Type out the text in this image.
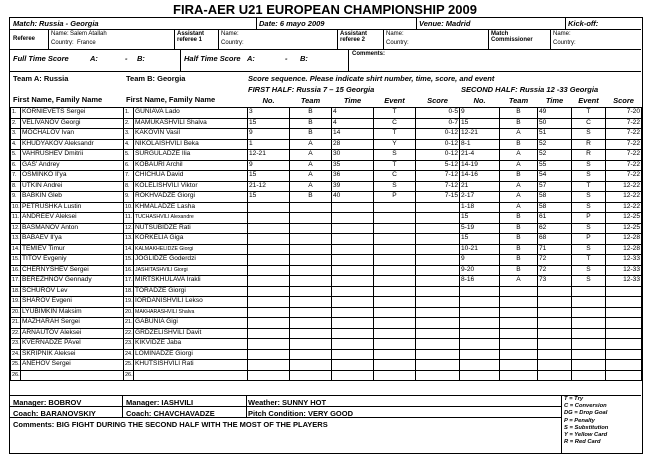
FIRA-AER U21 EUROPEAN CHAMPIONSHIP 2009
Match: Russia - Georgia	Date: 6 mayo 2009	Venue: Madrid	Kick-off:
Referee
Name: Salem Atallah
Country: France
Assistant referee 1
Name:
Country:
Assistant referee 2
Name:
Country:
Match Commissioner
Name:
Country:
Full Time Score	A:	- B:	Half Time Score A:	- B:	Comments:
Team A: Russia	Team B: Georgia	Score sequence. Please indicate shirt number, time, score, and event
First Name, Family Name	First Name, Family Name
FIRST HALF: Russia 7 – 15 Georgia	SECOND HALF: Russia 12 -33 Georgia
1.	KORNIEVETS Sergei
2.	VELIVANOV Georgi
3.	MOCHALOV Ivan
4.	KHUDYAKOV Aleksandr
5.	VAHRUSHEV Dmitrii
6.	GAS' Andrey
7.	OSMINKO Il'ya
8.	UTKIN Andrei
9.	BABKIN Gleb
10.	PETRUSHKA Lustin
11.	ANDREEV Aleksei
12.	BASMANOV Anton
13.	BABAEV Il'ya
14.	TEMIEV Timur
15.	TITOV Evgeniy
16.	CHERNYSHEV Sergei
17.	BEREZHNOV Gennady
18.	SCHUROV Lev
19.	SHAROV Evgeni
20.	LYUBIMKIN Maksim
21.	MAZHARAH Sergei
22.	ARNAUTOV Aleksei
23.	KVERNADZE PAvel
24.	SKRIPNIK Aleksei
25.	ANEHOV Sergei
26.	
1.	GUNIAVA Lado
2.	MAMUKASHVILI Shalva
3.	KAKOVIN Vasil
4.	NIKOLAISHVILI Beka
5.	SURGULADZE Ilia
6.	KOBAURI Archil
7.	CHICHUA David
8.	KOLELISHVILI Viktor
9.	ROKHVADZE Giorgi
10.	KHMALADZE Lasha
11.	TUCHASHVILI Alexandre
12.	NUTSUBIDZE Rati
13.	KORKELIA Giga
14.	KALMAKHELIDZE Giorgi
15.	JOGLIDZE Goderdzi
16.	JASHITASHVILI Giorgi
17.	MIRTSKHULAVA Irakli
18.	TORADZE Giorgi
19.	IORDANISHVILI Lekso
20.	MAKHARASHVILI Shalva
21.	GABUNIA Gigi
22.	GRDZELISHVILI Davit
23.	KIKVIDZE Jaba
24.	LOMINADZE Giorgi
25.	KHUTSISHVILI Rati
26.	
No.	Team	Time	Event	Score
3	B	4	T	0-5
15	B	4	C	0-7
9	B	14	T	0-12
1	A	28	Y	0-12
12-21	A	30	S	0-12
9	A	35	T	5-12
15	A	36	C	7-12
21-12	A	39	S	7-12
15	B	40	P	7-15

No.	Team	Time	Event	Score
9	B	49	T	7-20
15	B	50	C	7-22
12-21	A	51	S	7-22
8-1	B	52	R	7-22
21-4	A	52	R	7-22
14-19	A	55	S	7-22
14-16	B	54	S	7-22
21	A	57	T	12-22
2-17	A	58	S	12-22
1-18	A	58	S	12-22
15	B	61	P	12-25
5-19	B	62	S	12-25
15	B	68	P	12-28
10-21	B	71	S	12-28
9	B	72	T	12-33
9-20	B	72	S	12-33
8-16	A	73	S	12-33

Manager: BOBROV	Manager: IASHVILI	Weather: SUNNY HOT
Coach: BARANOVSKIY	Coach: CHAVCHAVADZE	Pitch Condition: VERY GOOD
Comments: BIG FIGHT DURING THE SECOND HALF WITH THE MOST OF THE PLAYERS
T = Try
C = Conversion
DG = Drop Goal
P = Penalty
S = Substitution
Y = Yellow Card
R = Red Card
